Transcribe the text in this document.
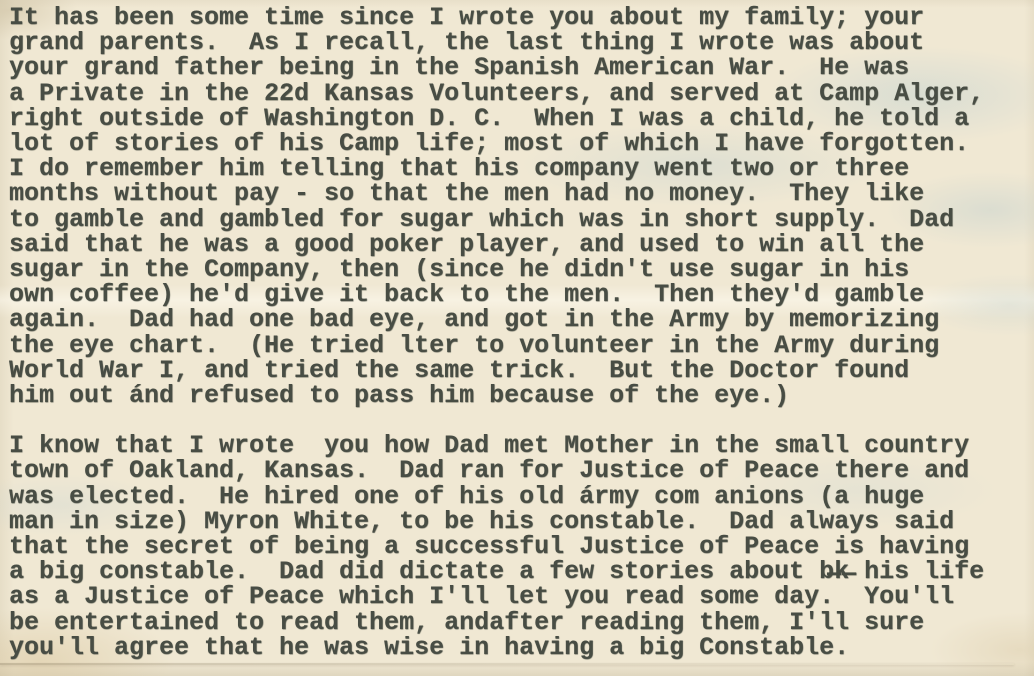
It has been some time since I wrote you about my family; your
grand parents.  As I recall, the last thing I wrote was about
your grand father being in the Spanish American War.  He was
a Private in the 22d Kansas Volunteers, and served at Camp Alger,
right outside of Washington D. C.  When I was a child, he told a
lot of stories of his Camp life; most of which I have forgotten.
I do remember him telling that his company went two or three
months without pay - so that the men had no money.  They like
to gamble and gambled for sugar which was in short supply.  Dad
said that he was a good poker player, and used to win all the
sugar in the Company, then (since he didn't use sugar in his
own coffee) he'd give it back to the men.  Then they'd gamble
again.  Dad had one bad eye, and got in the Army by memorizing
the eye chart.  (He tried lter to volunteer in the Army during
World War I, and tried the same trick.  But the Doctor found
him out ánd refused to pass him because of the eye.)
I know that I wrote  you how Dad met Mother in the small country
town of Oakland, Kansas.  Dad ran for Justice of Peace there and
was elected.  He hired one of his old ármy com anions (a huge
man in size) Myron White, to be his constable.  Dad always said
that the secret of being a successful Justice of Peace is having
a big constable.  Dad did dictate a few stories about b̶k̶ his life
as a Justice of Peace which I'll let you read some day.  You'll
be entertained to read them, andafter reading them, I'll sure
you'll agree that he was wise in having a big Constable.
